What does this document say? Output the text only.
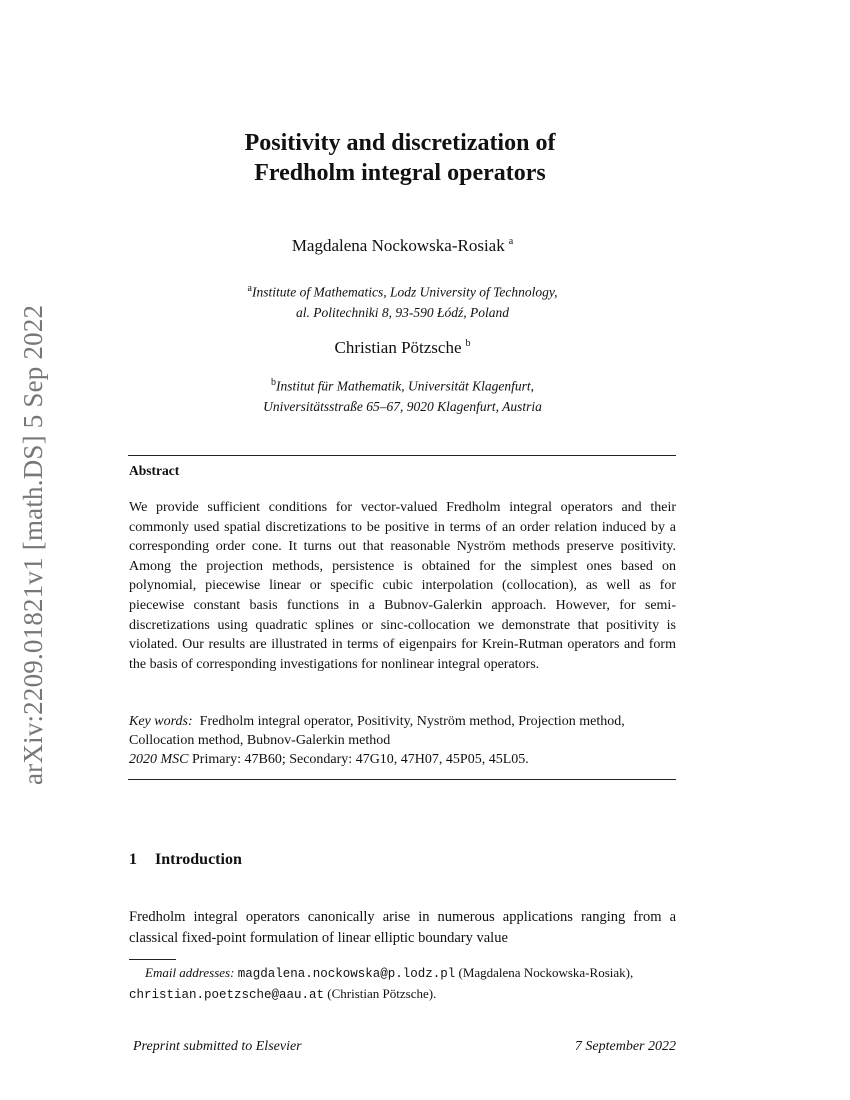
arXiv:2209.01821v1 [math.DS] 5 Sep 2022
Positivity and discretization of
Fredholm integral operators
Magdalena Nockowska-Rosiak $^a$
$^a$Institute of Mathematics, Lodz University of Technology,
al. Politechniki 8, 93-590 Łódź, Poland
Christian Pötzsche $^b$
$^b$Institut für Mathematik, Universität Klagenfurt,
Universitätsstraße 65–67, 9020 Klagenfurt, Austria
Abstract
We provide sufficient conditions for vector-valued Fredholm integral operators and their commonly used spatial discretizations to be positive in terms of an order relation induced by a corresponding order cone. It turns out that reasonable Nyström methods preserve positivity. Among the projection methods, persistence is obtained for the simplest ones based on polynomial, piecewise linear or specific cubic interpolation (collocation), as well as for piecewise constant basis functions in a Bubnov-Galerkin approach. However, for semi-discretizations using quadratic splines or sinc-collocation we demonstrate that positivity is violated. Our results are illustrated in terms of eigenpairs for Krein-Rutman operators and form the basis of corresponding investigations for nonlinear integral operators.
Key words: Fredholm integral operator, Positivity, Nyström method, Projection method, Collocation method, Bubnov-Galerkin method
2020 MSC Primary: 47B60; Secondary: 47G10, 47H07, 45P05, 45L05.
1 Introduction
Fredholm integral operators canonically arise in numerous applications ranging from a classical fixed-point formulation of linear elliptic boundary value
Email addresses: magdalena.nockowska@p.lodz.pl (Magdalena Nockowska-Rosiak), christian.poetzsche@aau.at (Christian Pötzsche).
Preprint submitted to Elsevier	7 September 2022
